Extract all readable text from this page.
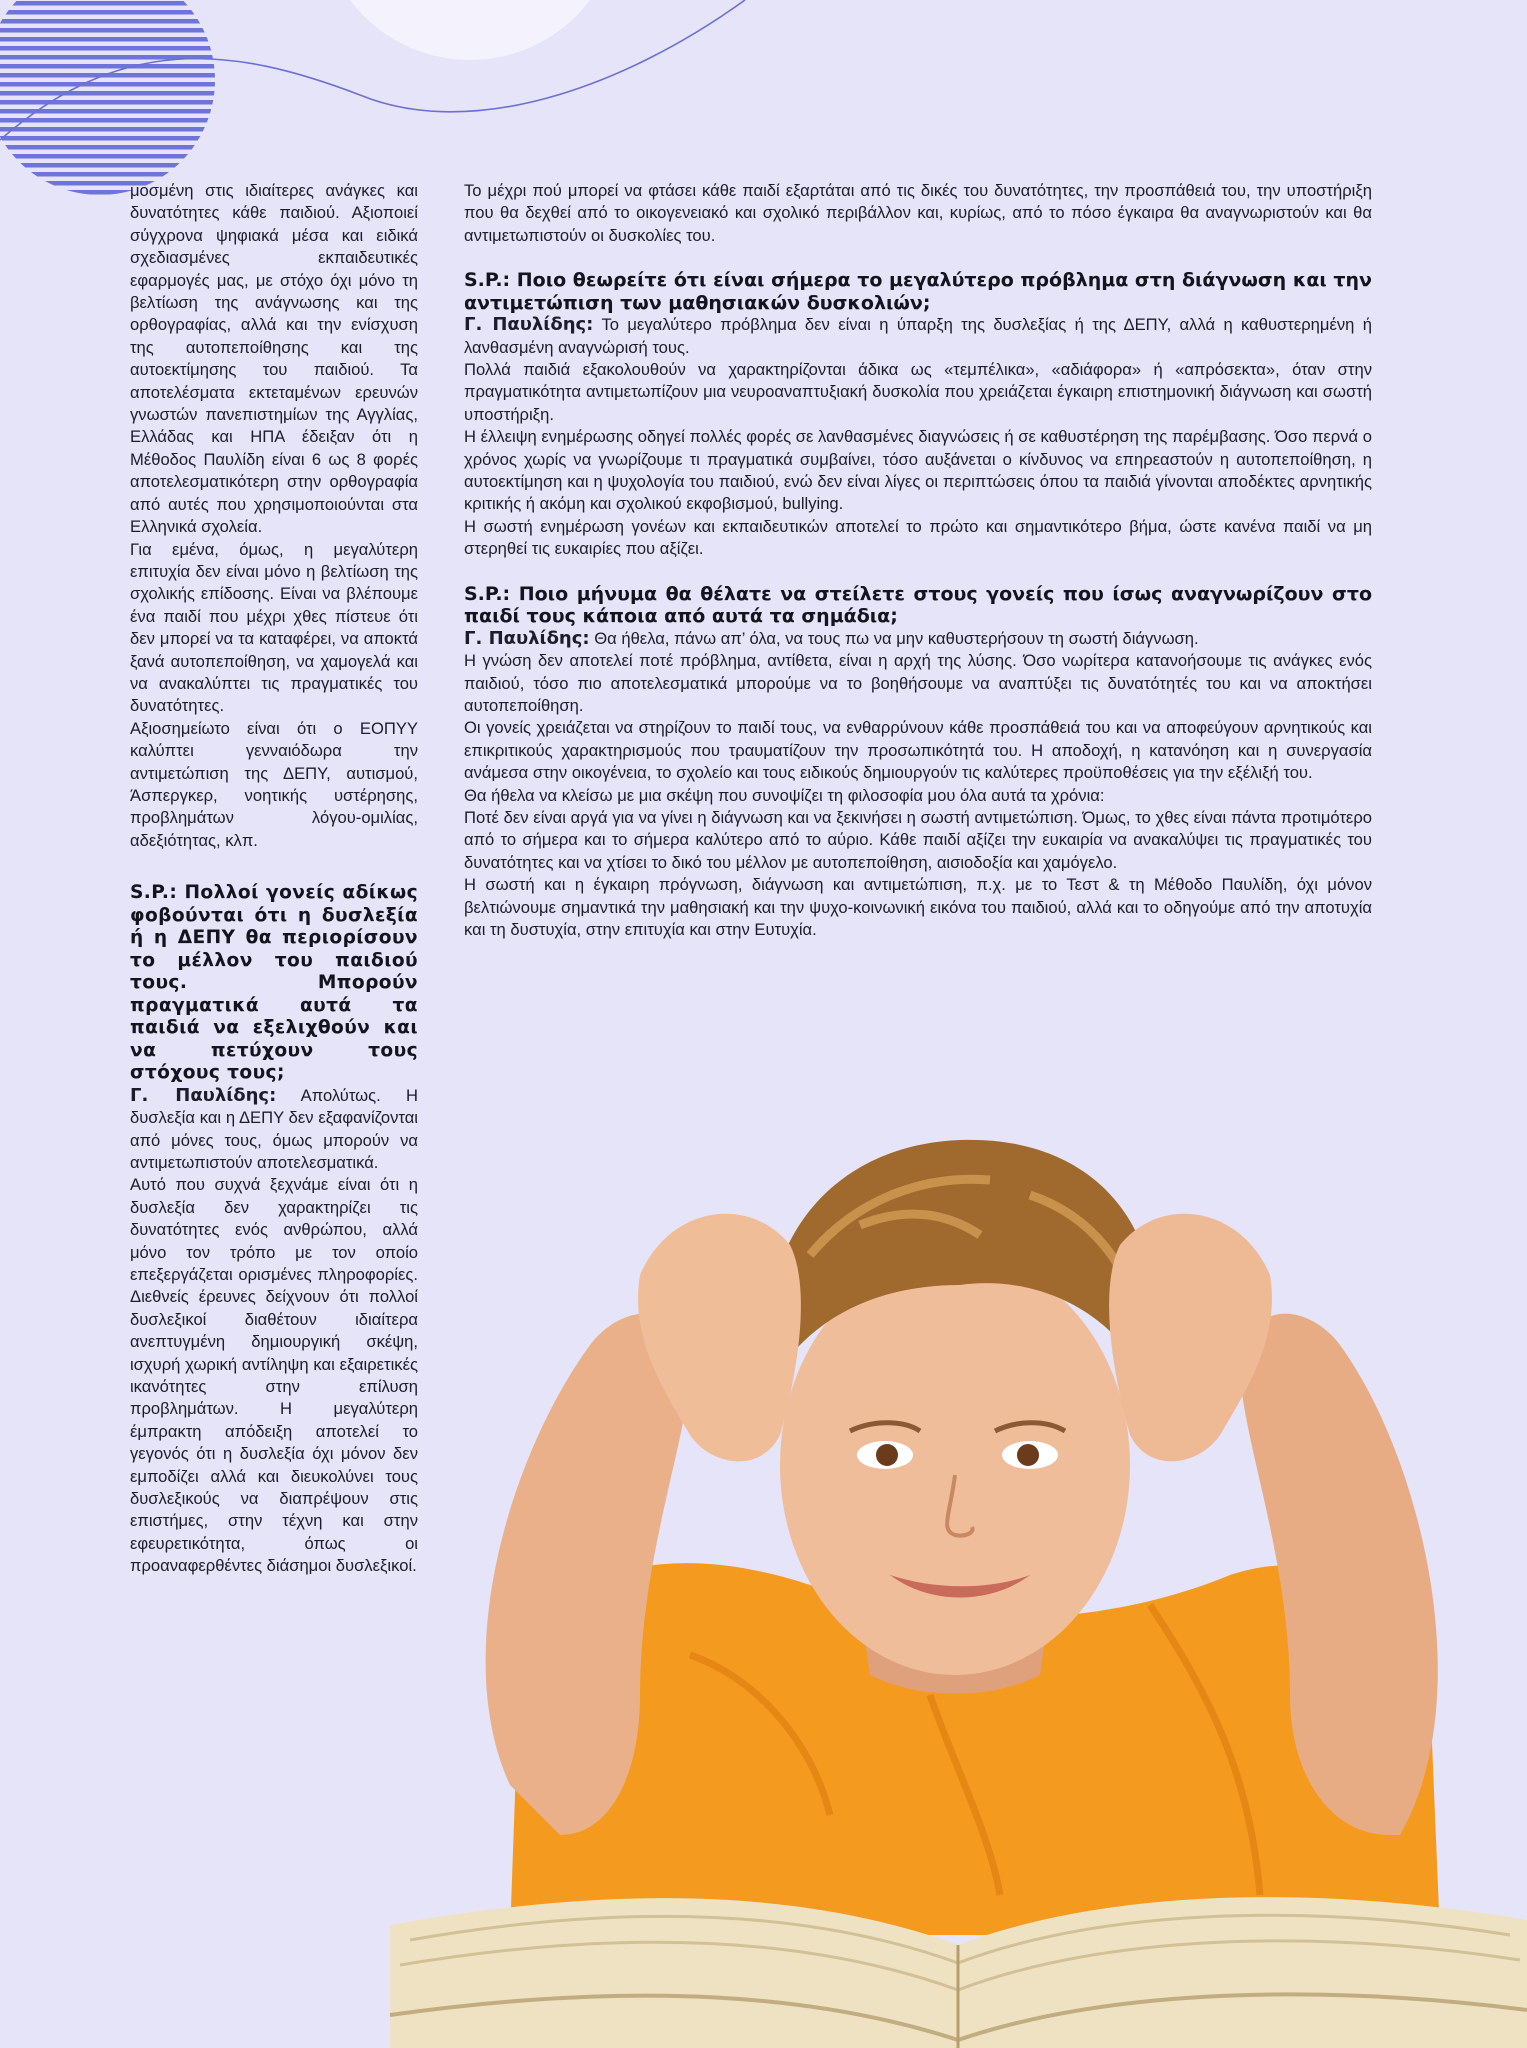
μοσμένη στις ιδιαίτερες ανάγκες και δυνατότητες κάθε παιδιού. Αξιοποιεί σύγχρονα ψηφιακά μέσα και ειδικά σχεδιασμένες εκπαιδευτικές εφαρμογές μας, με στόχο όχι μόνο τη βελτίωση της ανάγνωσης και της ορθογραφίας, αλλά και την ενίσχυση της αυτοπεποίθησης και της αυτοεκτίμησης του παιδιού. Τα αποτελέσματα εκτεταμένων ερευνών γνωστών πανεπιστημίων της Αγγλίας, Ελλάδας και ΗΠΑ έδειξαν ότι η Μέθοδος Παυλίδη είναι 6 ως 8 φορές αποτελεσματικότερη στην ορθογραφία από αυτές που χρησιμοποιούνται στα Ελληνικά σχολεία.

Για εμένα, όμως, η μεγαλύτερη επιτυχία δεν είναι μόνο η βελτίωση της σχολικής επίδοσης. Είναι να βλέπουμε ένα παιδί που μέχρι χθες πίστευε ότι δεν μπορεί να τα καταφέρει, να αποκτά ξανά αυτοπεποίθηση, να χαμογελά και να ανακαλύπτει τις πραγματικές του δυνατότητες.

Αξιοσημείωτο είναι ότι ο ΕΟΠΥΥ καλύπτει γενναιόδωρα την αντιμετώπιση της ΔΕΠΥ, αυτισμού, Άσπεργκερ, νοητικής υστέρησης, προβλημάτων λόγου-ομιλίας, αδεξιότητας, κλπ.

S.P.: Πολλοί γονείς αδίκως φοβούνται ότι η δυσλεξία ή η ΔΕΠΥ θα περιορίσουν το μέλλον του παιδιού τους. Μπορούν πραγματικά αυτά τα παιδιά να εξελιχθούν και να πετύχουν τους στόχους τους;

Γ. Παυλίδης: Απολύτως. Η δυσλεξία και η ΔΕΠΥ δεν εξαφανίζονται από μόνες τους, όμως μπορούν να αντιμετωπιστούν αποτελεσματικά.

Αυτό που συχνά ξεχνάμε είναι ότι η δυσλεξία δεν χαρακτηρίζει τις δυνατότητες ενός ανθρώπου, αλλά μόνο τον τρόπο με τον οποίο επεξεργάζεται ορισμένες πληροφορίες. Διεθνείς έρευνες δείχνουν ότι πολλοί δυσλεξικοί διαθέτουν ιδιαίτερα ανεπτυγμένη δημιουργική σκέψη, ισχυρή χωρική αντίληψη και εξαιρετικές ικανότητες στην επίλυση προβλημάτων. Η μεγαλύτερη έμπρακτη απόδειξη αποτελεί το γεγονός ότι η δυσλεξία όχι μόνον δεν εμποδίζει αλλά και διευκολύνει τους δυσλεξικούς να διαπρέψουν στις επιστήμες, στην τέχνη και στην εφευρετικότητα, όπως οι προαναφερθέντες διάσημοι δυσλεξικοί.

Το μέχρι πού μπορεί να φτάσει κάθε παιδί εξαρτάται από τις δικές του δυνατότητες, την προσπάθειά του, την υποστήριξη που θα δεχθεί από το οικογενειακό και σχολικό περιβάλλον και, κυρίως, από το πόσο έγκαιρα θα αναγνωριστούν και θα αντιμετωπιστούν οι δυσκολίες του.

S.P.: Ποιο θεωρείτε ότι είναι σήμερα το μεγαλύτερο πρόβλημα στη διάγνωση και την αντιμετώπιση των μαθησιακών δυσκολιών;

Γ. Παυλίδης: Το μεγαλύτερο πρόβλημα δεν είναι η ύπαρξη της δυσλεξίας ή της ΔΕΠΥ, αλλά η καθυστερημένη ή λανθασμένη αναγνώρισή τους.

Πολλά παιδιά εξακολουθούν να χαρακτηρίζονται άδικα ως «τεμπέλικα», «αδιάφορα» ή «απρόσεκτα», όταν στην πραγματικότητα αντιμετωπίζουν μια νευροαναπτυξιακή δυσκολία που χρειάζεται έγκαιρη επιστημονική διάγνωση και σωστή υποστήριξη.

Η έλλειψη ενημέρωσης οδηγεί πολλές φορές σε λανθασμένες διαγνώσεις ή σε καθυστέρηση της παρέμβασης. Όσο περνά ο χρόνος χωρίς να γνωρίζουμε τι πραγματικά συμβαίνει, τόσο αυξάνεται ο κίνδυνος να επηρεαστούν η αυτοπεποίθηση, η αυτοεκτίμηση και η ψυχολογία του παιδιού, ενώ δεν είναι λίγες οι περιπτώσεις όπου τα παιδιά γίνονται αποδέκτες αρνητικής κριτικής ή ακόμη και σχολικού εκφοβισμού, bullying.

Η σωστή ενημέρωση γονέων και εκπαιδευτικών αποτελεί το πρώτο και σημαντικότερο βήμα, ώστε κανένα παιδί να μη στερηθεί τις ευκαιρίες που αξίζει.

S.P.: Ποιο μήνυμα θα θέλατε να στείλετε στους γονείς που ίσως αναγνωρίζουν στο παιδί τους κάποια από αυτά τα σημάδια;

Γ. Παυλίδης: Θα ήθελα, πάνω απ’ όλα, να τους πω να μην καθυστερήσουν τη σωστή διάγνωση.

Η γνώση δεν αποτελεί ποτέ πρόβλημα, αντίθετα, είναι η αρχή της λύσης. Όσο νωρίτερα κατανοήσουμε τις ανάγκες ενός παιδιού, τόσο πιο αποτελεσματικά μπορούμε να το βοηθήσουμε να αναπτύξει τις δυνατότητές του και να αποκτήσει αυτοπεποίθηση.

Οι γονείς χρειάζεται να στηρίζουν το παιδί τους, να ενθαρρύνουν κάθε προσπάθειά του και να αποφεύγουν αρνητικούς και επικριτικούς χαρακτηρισμούς που τραυματίζουν την προσωπικότητά του. Η αποδοχή, η κατανόηση και η συνεργασία ανάμεσα στην οικογένεια, το σχολείο και τους ειδικούς δημιουργούν τις καλύτερες προϋποθέσεις για την εξέλιξή του.

Θα ήθελα να κλείσω με μια σκέψη που συνοψίζει τη φιλοσοφία μου όλα αυτά τα χρόνια:

Ποτέ δεν είναι αργά για να γίνει η διάγνωση και να ξεκινήσει η σωστή αντιμετώπιση. Όμως, το χθες είναι πάντα προτιμότερο από το σήμερα και το σήμερα καλύτερο από το αύριο. Κάθε παιδί αξίζει την ευκαιρία να ανακαλύψει τις πραγματικές του δυνατότητες και να χτίσει το δικό του μέλλον με αυτοπεποίθηση, αισιοδοξία και χαμόγελο.

Η σωστή και η έγκαιρη πρόγνωση, διάγνωση και αντιμετώπιση, π.χ. με το Τεστ & τη Μέθοδο Παυλίδη, όχι μόνον βελτιώνουμε σημαντικά την μαθησιακή και την ψυχο-κοινωνική εικόνα του παιδιού, αλλά και το οδηγούμε από την αποτυχία και τη δυστυχία, στην επιτυχία και στην Ευτυχία.
